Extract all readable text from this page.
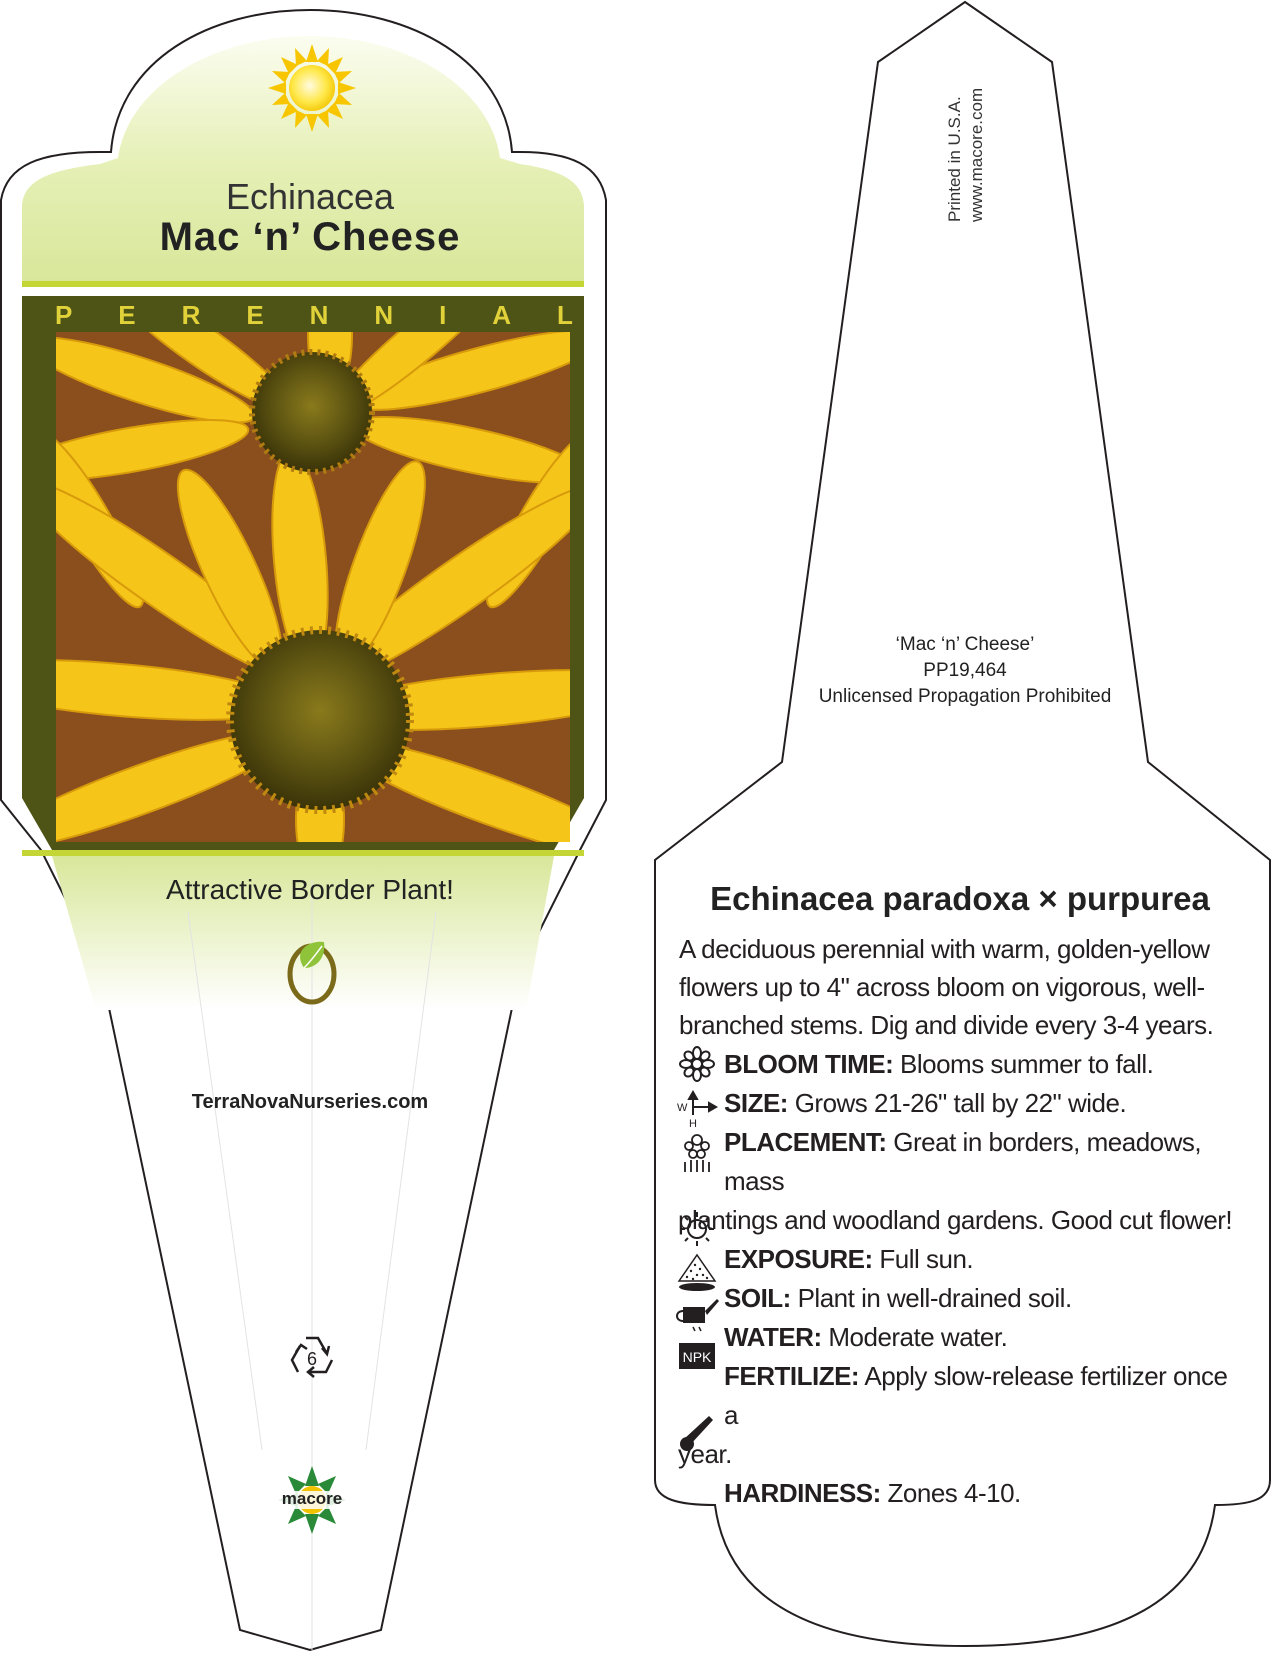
W
H
NPK
Echinacea
Mac ‘n’ Cheese
P E R E N N I A L
Attractive Border Plant!
TerraNovaNurseries.com
6
macore
Printed in U.S.A. www.macore.com
‘Mac ‘n’ Cheese’
PP19,464
Unlicensed Propagation Prohibited
Echinacea paradoxa × purpurea
A deciduous perennial with warm, golden-yellow flowers up to 4" across bloom on vigorous, well-branched stems. Dig and divide every 3-4 years.
BLOOM TIME: Blooms summer to fall.
SIZE: Grows 21-26" tall by 22" wide.
PLACEMENT: Great in borders, meadows, mass
plantings and woodland gardens. Good cut flower!
EXPOSURE: Full sun.
SOIL: Plant in well-drained soil.
WATER: Moderate water.
FERTILIZE: Apply slow-release fertilizer once a
year.
HARDINESS: Zones 4-10.
